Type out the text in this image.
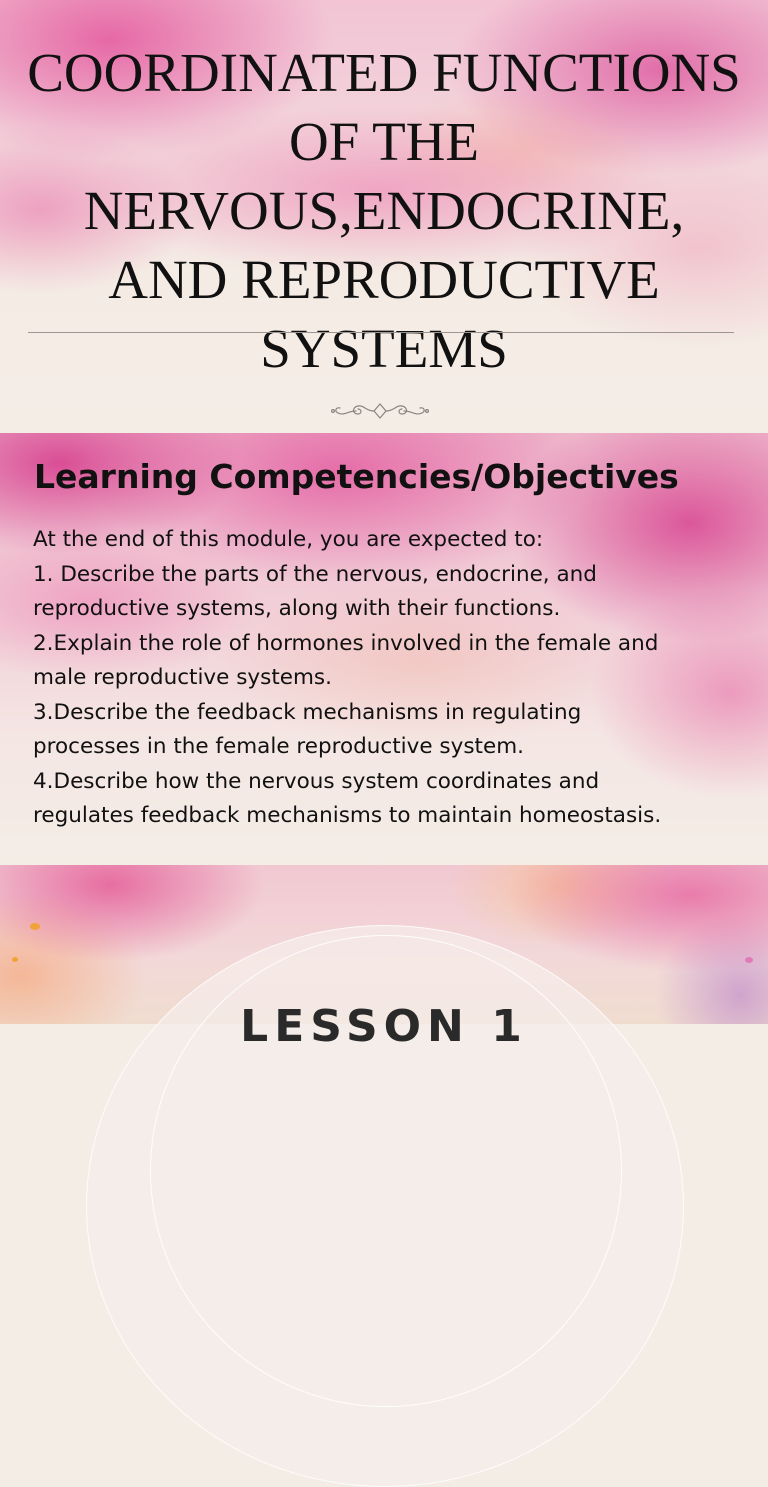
COORDINATED FUNCTIONS
OF THE
NERVOUS,ENDOCRINE,
AND REPRODUCTIVE
SYSTEMS
Learning Competencies/Objectives
At the end of this module, you are expected to:
1. Describe the parts of the nervous, endocrine, and
reproductive systems, along with their functions.
2.Explain the role of hormones involved in the female and
male reproductive systems.
3.Describe the feedback mechanisms in regulating
processes in the female reproductive system.
4.Describe how the nervous system coordinates and
regulates feedback mechanisms to maintain homeostasis.
LESSON 1
